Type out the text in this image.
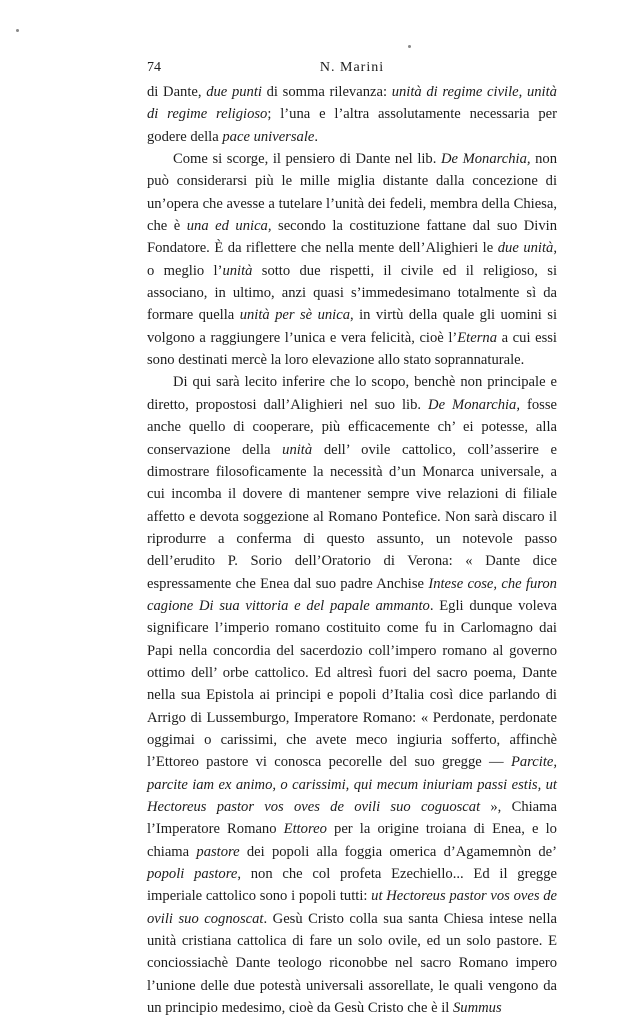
74	N. Marini

di Dante, due punti di somma rilevanza: unità di regime civile, unità di regime religioso; l’una e l’altra assolutamente necessaria per godere della pace universale.

Come si scorge, il pensiero di Dante nel lib. De Monarchia, non può considerarsi più le mille miglia distante dalla concezione di un’opera che avesse a tutelare l’unità dei fedeli, membra della Chiesa, che è una ed unica, secondo la costituzione fattane dal suo Divin Fondatore. È da riflettere che nella mente dell’Alighieri le due unità, o meglio l’unità sotto due rispetti, il civile ed il religioso, si associano, in ultimo, anzi quasi s’immedesimano totalmente sì da formare quella unità per sè unica, in virtù della quale gli uomini si volgono a raggiungere l’unica e vera felicità, cioè l’Eterna a cui essi sono destinati mercè la loro elevazione allo stato soprannaturale.

Di qui sarà lecito inferire che lo scopo, benchè non principale e diretto, propostosi dall’Alighieri nel suo lib. De Monarchia, fosse anche quello di cooperare, più efficacemente ch’ ei potesse, alla conservazione della unità dell’ ovile cattolico, coll’asserire e dimostrare filosoficamente la necessità d’un Monarca universale, a cui incomba il dovere di mantener sempre vive relazioni di filiale affetto e devota soggezione al Romano Pontefice. Non sarà discaro il riprodurre a conferma di questo assunto, un notevole passo dell’erudito P. Sorio dell’Oratorio di Verona: « Dante dice espressamente che Enea dal suo padre Anchise Intese cose, che furon cagione Di sua vittoria e del papale ammanto. Egli dunque voleva significare l’imperio romano costituito come fu in Carlomagno dai Papi nella concordia del sacerdozio coll’impero romano al governo ottimo dell’ orbe cattolico. Ed altresì fuori del sacro poema, Dante nella sua Epistola ai principi e popoli d’Italia così dice parlando di Arrigo di Lussemburgo, Imperatore Romano: « Perdonate, perdonate oggimai o carissimi, che avete meco ingiuria sofferto, affinchè l’Ettoreo pastore vi conosca pecorelle del suo gregge — Parcite, parcite iam ex animo, o carissimi, qui mecum iniuriam passi estis, ut Hectoreus pastor vos oves de ovili suo coguoscat », Chiama l’Imperatore Romano Ettoreo per la origine troiana di Enea, e lo chiama pastore dei popoli alla foggia omerica d’Agamemnòn de’ popoli pastore, non che col profeta Ezechiello... Ed il gregge imperiale cattolico sono i popoli tutti: ut Hectoreus pastor vos oves de ovili suo cognoscat. Gesù Cristo colla sua santa Chiesa intese nella unità cristiana cattolica di fare un solo ovile, ed un solo pastore. E conciossiachè Dante teologo riconobbe nel sacro Romano impero l’unione delle due potestà universali assorellate, le quali vengono da un principio medesimo, cioè da Gesù Cristo che è il Summus
